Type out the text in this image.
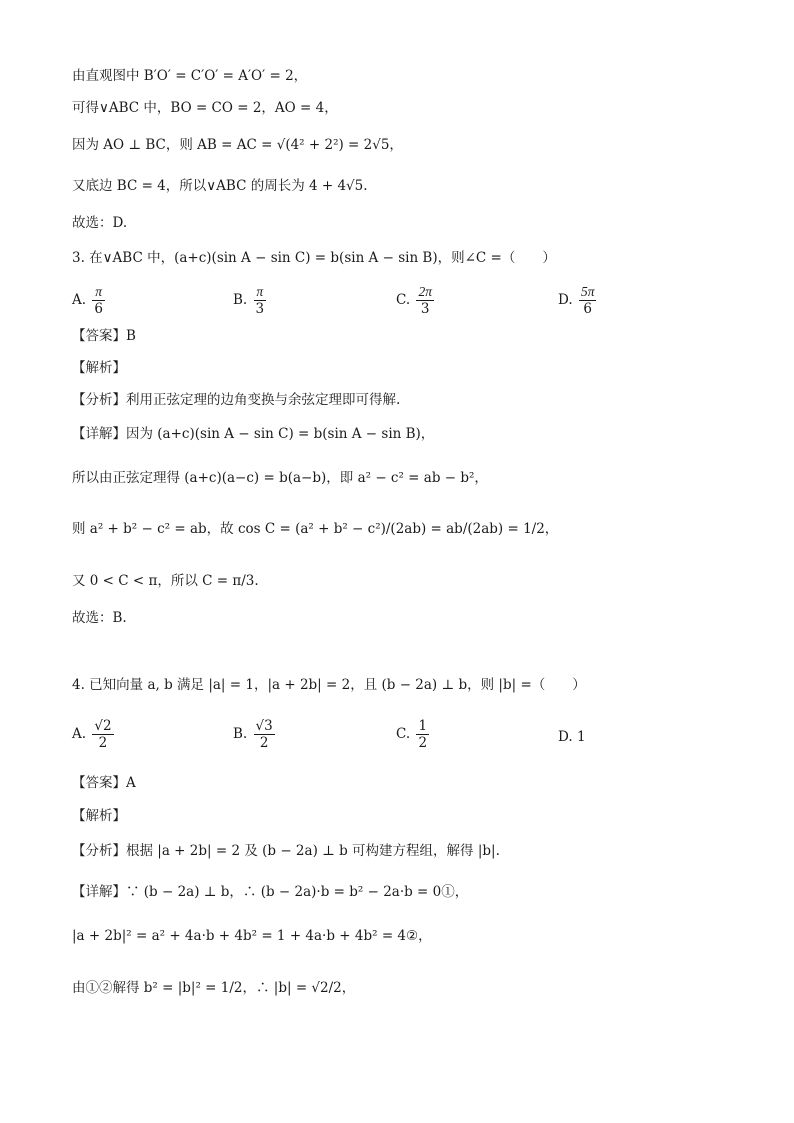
由直观图中 B′O′ = C′O′ = A′O′ = 2，
可得∨ABC 中，BO = CO = 2，AO = 4，
因为 AO ⊥ BC，则 AB = AC = √(4² + 2²) = 2√5，
又底边 BC = 4，所以∨ABC 的周长为 4 + 4√5.
故选：D.
3. 在∨ABC 中，(a+c)(sin A − sin C) = b(sin A − sin B)，则∠C =（　　）
A. $\frac{\pi}{6}$	B. $\frac{\pi}{3}$	C. $\frac{2\pi}{3}$	D. $\frac{5\pi}{6}$
【答案】B
【解析】
【分析】利用正弦定理的边角变换与余弦定理即可得解.
【详解】因为 (a+c)(sin A − sin C) = b(sin A − sin B)，
所以由正弦定理得 (a+c)(a−c) = b(a−b)，即 a² − c² = ab − b²，
则 a² + b² − c² = ab，故 cos C = (a² + b² − c²)/(2ab) = ab/(2ab) = 1/2，
又 0 < C < π，所以 C = π/3.
故选：B.
4. 已知向量 a, b 满足 |a| = 1，|a + 2b| = 2，且 (b − 2a) ⊥ b，则 |b| =（　　）
A. $\frac{√2}{2}$	B. $\frac{√3}{2}$	C. $\frac{1}{2}$	D. 1
【答案】A
【解析】
【分析】根据 |a + 2b| = 2 及 (b − 2a) ⊥ b 可构建方程组，解得 |b|.
【详解】∵ (b − 2a) ⊥ b，∴ (b − 2a)·b = b² − 2a·b = 0①，
|a + 2b|² = a² + 4a·b + 4b² = 1 + 4a·b + 4b² = 4②，
由①②解得 b² = |b|² = 1/2，∴ |b| = √2/2，
